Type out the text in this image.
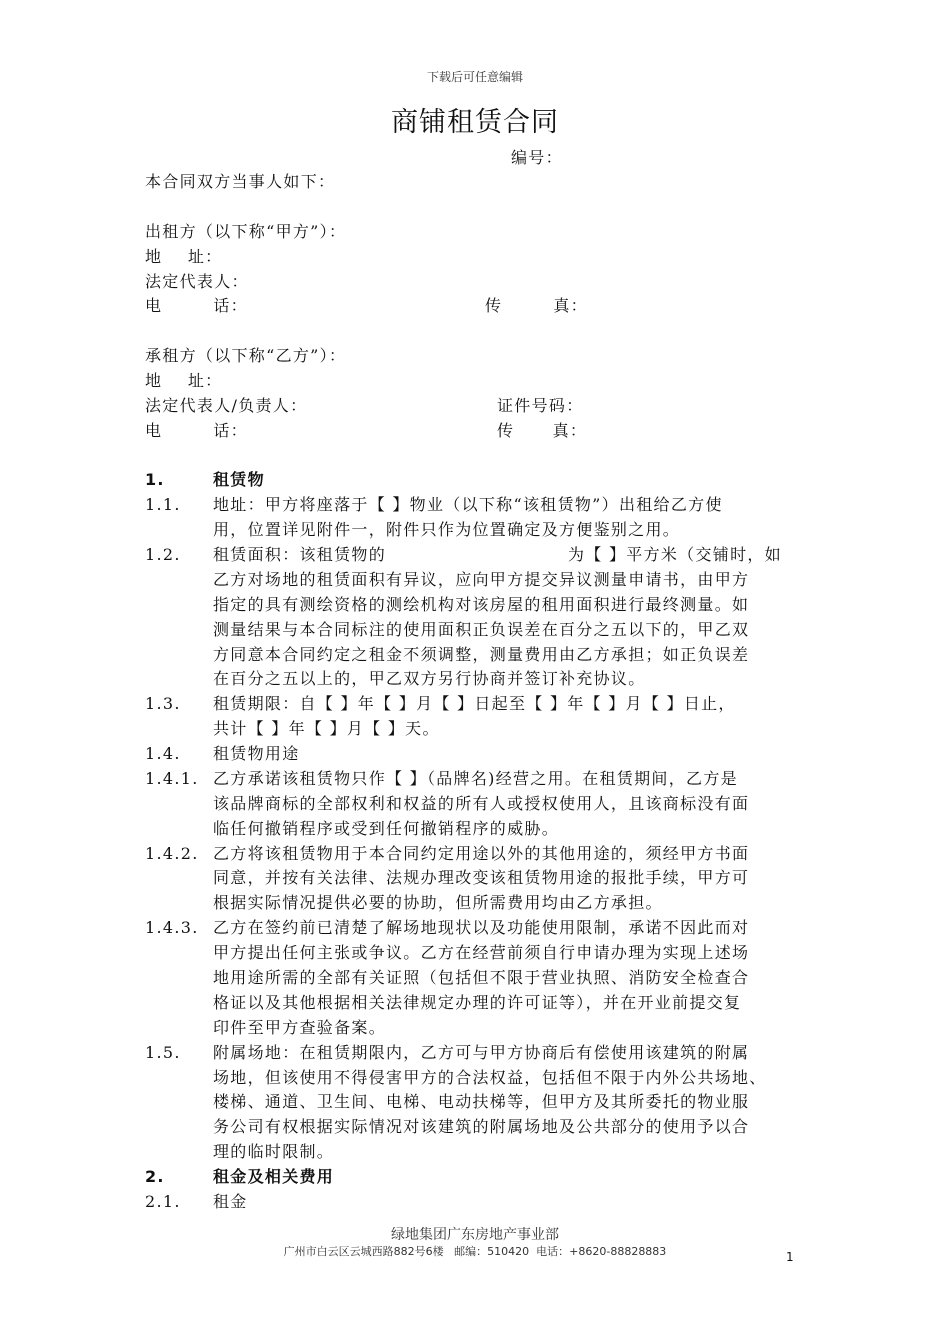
下载后可任意编辑
商铺租赁合同
编号：
本合同双方当事人如下：
出租方（以下称“甲方”）：
地    址：
法定代表人：
电        话：	传        真：
承租方（以下称“乙方”）：
地    址：
法定代表人/负责人：	证件号码：
电        话：	传      真：
1.	租赁物
1.1. 地址：甲方将座落于【 】物业（以下称“该租赁物”）出租给乙方使
用，位置详见附件一，附件只作为位置确定及方便鉴别之用。
1.2. 租赁面积：该租赁物的	为【 】平方米（交铺时，如
乙方对场地的租赁面积有异议，应向甲方提交异议测量申请书，由甲方
指定的具有测绘资格的测绘机构对该房屋的租用面积进行最终测量。如
测量结果与本合同标注的使用面积正负误差在百分之五以下的，甲乙双
方同意本合同约定之租金不须调整，测量费用由乙方承担；如正负误差
在百分之五以上的，甲乙双方另行协商并签订补充协议。
1.3. 租赁期限：自【 】年【 】月【 】日起至【 】年【 】月【 】日止，
共计【 】年【 】月【 】天。
1.4. 租赁物用途
1.4.1. 乙方承诺该租赁物只作【 】（品牌名)经营之用。在租赁期间，乙方是
该品牌商标的全部权利和权益的所有人或授权使用人，且该商标没有面
临任何撤销程序或受到任何撤销程序的威胁。
1.4.2. 乙方将该租赁物用于本合同约定用途以外的其他用途的，须经甲方书面
同意，并按有关法律、法规办理改变该租赁物用途的报批手续，甲方可
根据实际情况提供必要的协助，但所需费用均由乙方承担。
1.4.3. 乙方在签约前已清楚了解场地现状以及功能使用限制，承诺不因此而对
甲方提出任何主张或争议。乙方在经营前须自行申请办理为实现上述场
地用途所需的全部有关证照（包括但不限于营业执照、消防安全检查合
格证以及其他根据相关法律规定办理的许可证等），并在开业前提交复
印件至甲方查验备案。
1.5. 附属场地：在租赁期限内，乙方可与甲方协商后有偿使用该建筑的附属
场地，但该使用不得侵害甲方的合法权益，包括但不限于内外公共场地、
楼梯、通道、卫生间、电梯、电动扶梯等，但甲方及其所委托的物业服
务公司有权根据实际情况对该建筑的附属场地及公共部分的使用予以合
理的临时限制。
2.	租金及相关费用
2.1. 租金
绿地集团广东房地产事业部
广州市白云区云城西路882号6楼   邮编：510420  电话：+8620-88828883	1
